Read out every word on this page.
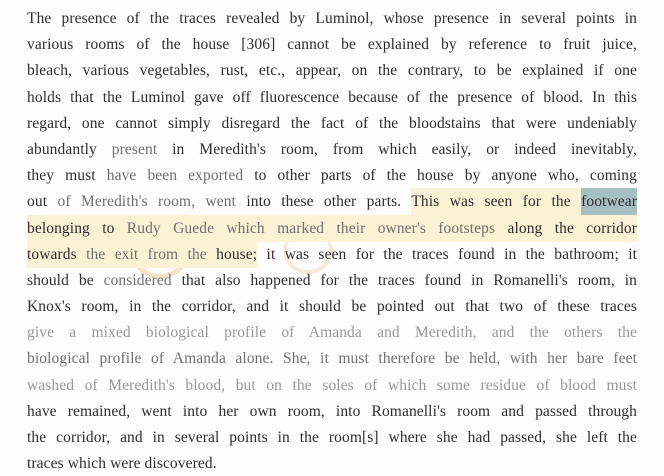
The presence of the traces revealed by Luminol, whose presence in several points in
various rooms of the house [306] cannot be explained by reference to fruit juice,
bleach, various vegetables, rust, etc., appear, on the contrary, to be explained if one
holds that the Luminol gave off fluorescence because of the presence of blood. In this
regard, one cannot simply disregard the fact of the bloodstains that were undeniably
abundantly present in Meredith's room, from which easily, or indeed inevitably,
they must have been exported to other parts of the house by anyone who, coming
out of Meredith's room, went into these other parts. This was seen for the footwear
belonging to Rudy Guede which marked their owner's footsteps along the corridor
towards the exit from the house; it was seen for the traces found in the bathroom; it
should be considered that also happened for the traces found in Romanelli's room, in
Knox's room, in the corridor, and it should be pointed out that two of these traces
give a mixed biological profile of Amanda and Meredith, and the others the
biological profile of Amanda alone. She, it must therefore be held, with her bare feet
washed of Meredith's blood, but on the soles of which some residue of blood must
have remained, went into her own room, into Romanelli's room and passed through
the corridor, and in several points in the room[s] where she had passed, she left the
traces which were discovered.
